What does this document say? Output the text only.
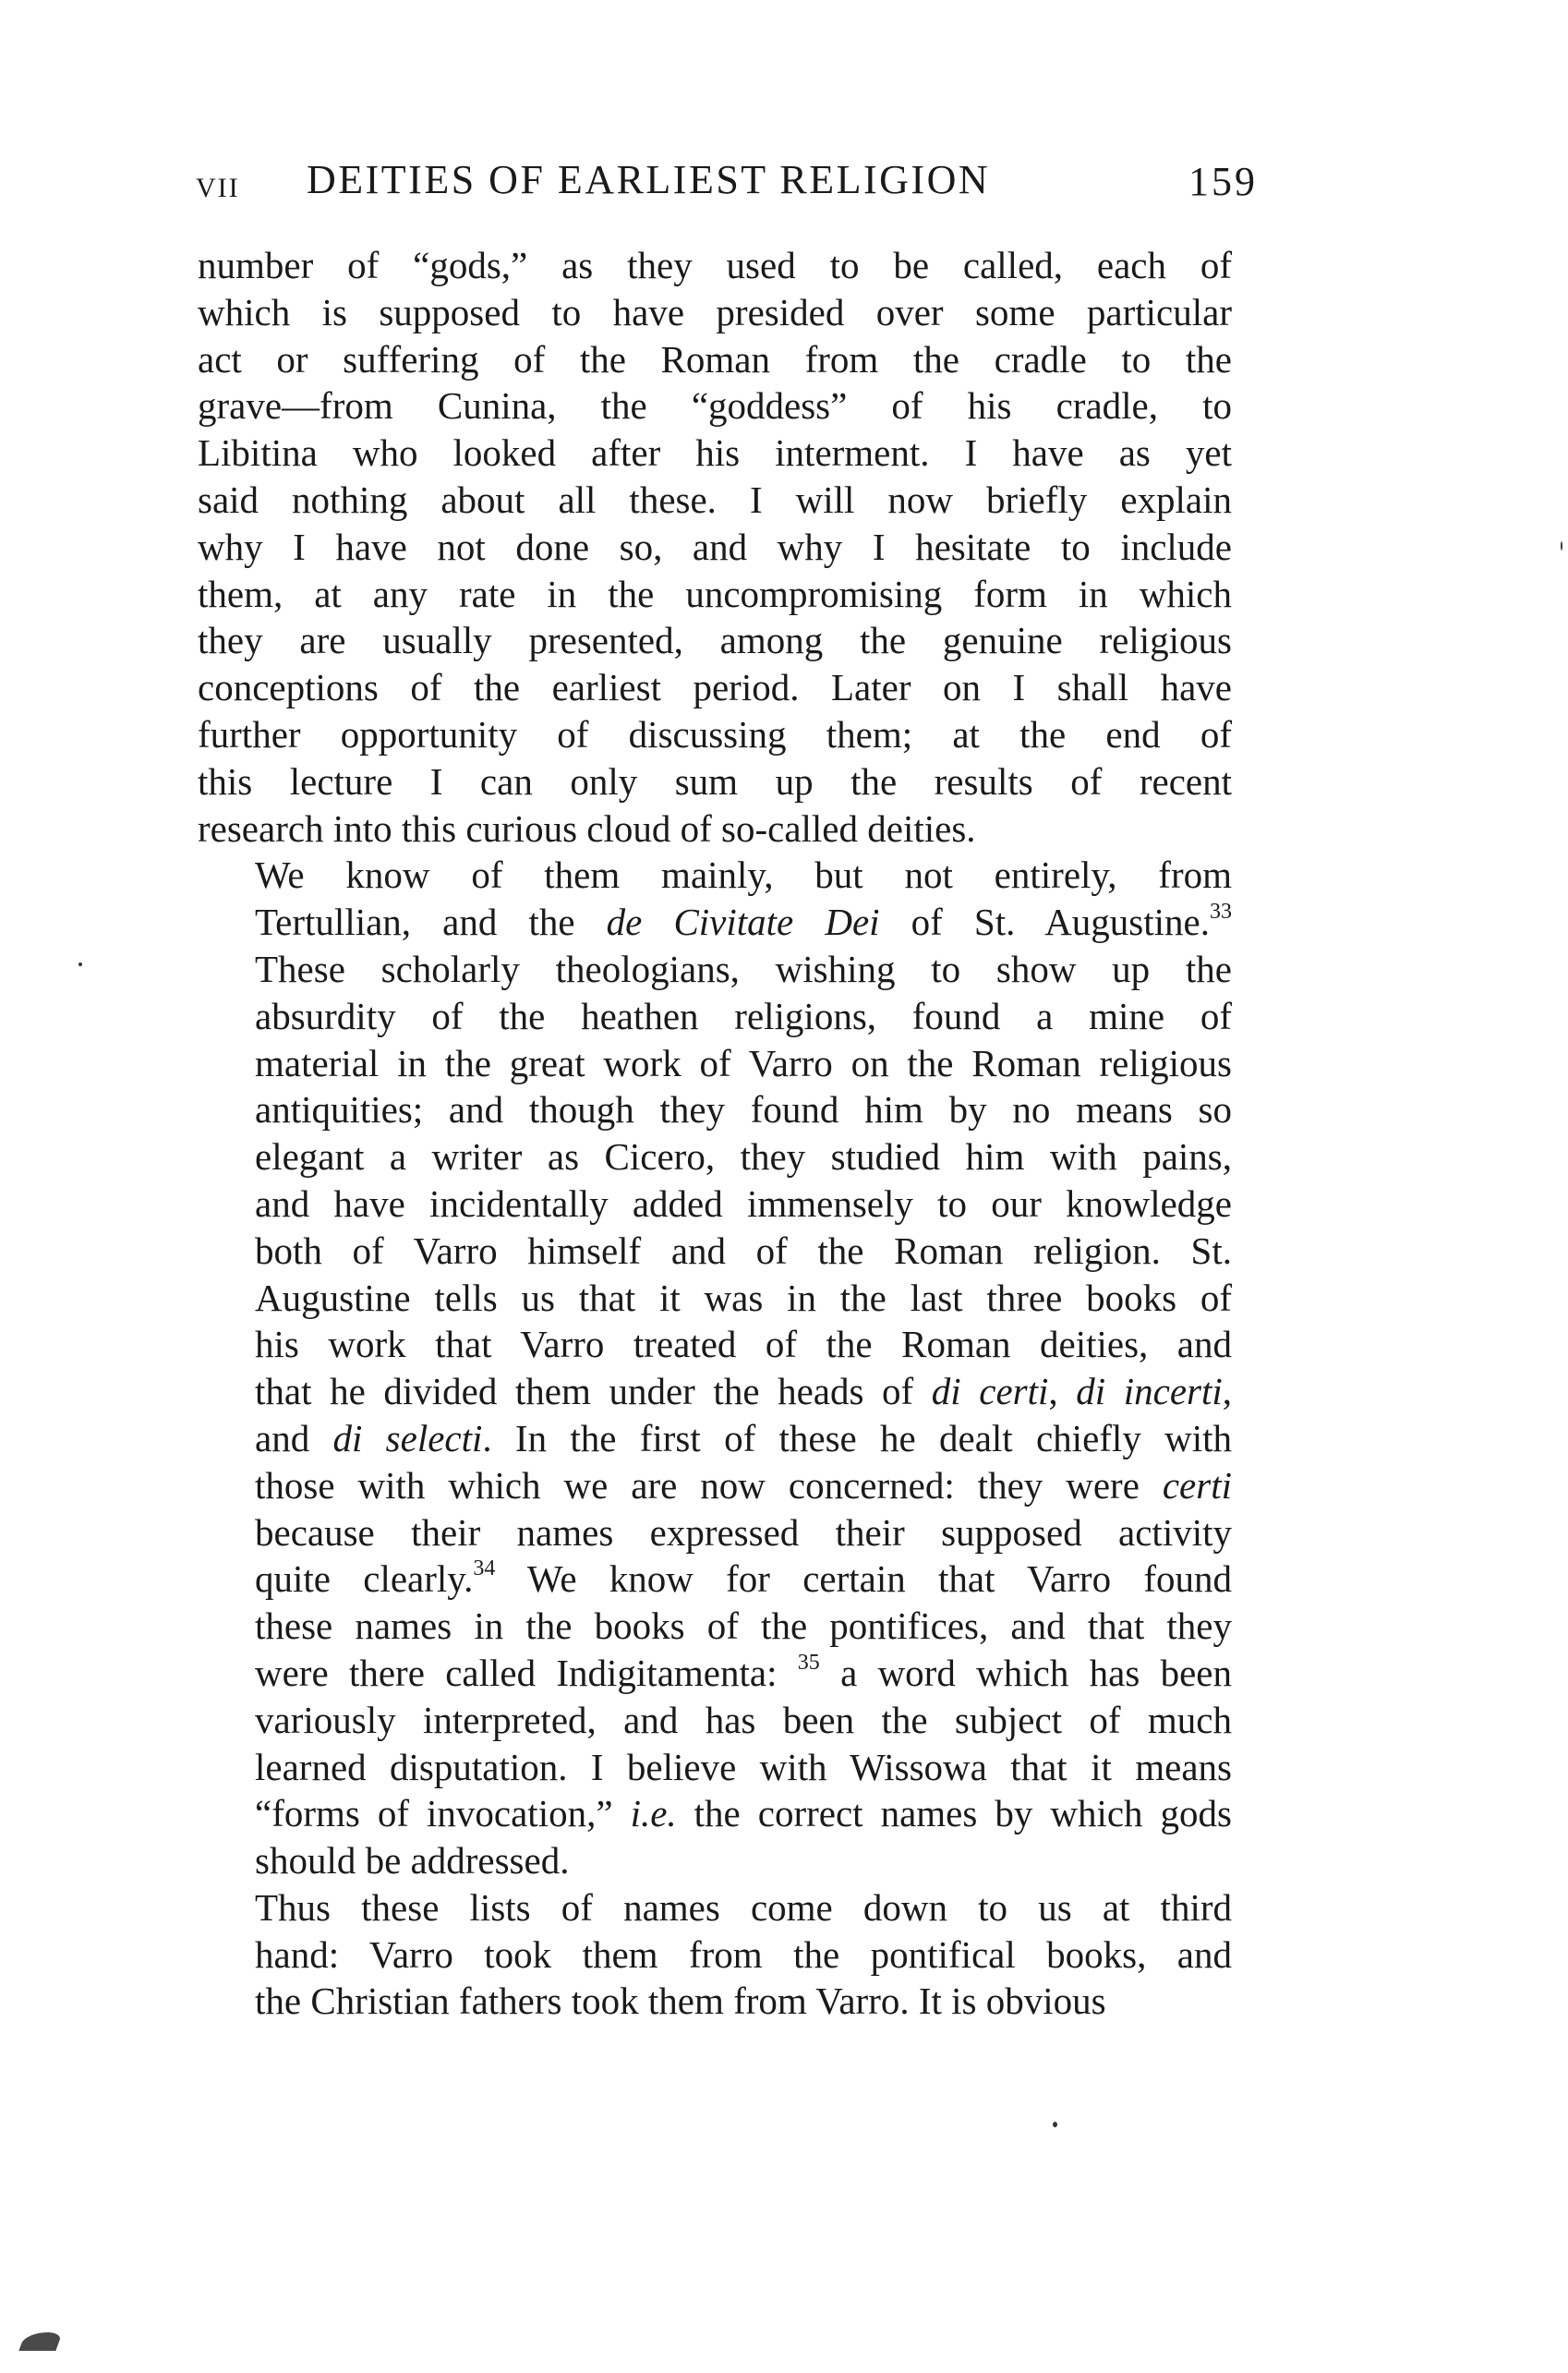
VII DEITIES OF EARLIEST RELIGION	159

number of “gods,” as they used to be called, each of
which is supposed to have presided over some particular
act or suffering of the Roman from the cradle to the
grave—from Cunina, the “goddess” of his cradle, to
Libitina who looked after his interment. I have as yet
said nothing about all these. I will now briefly explain
why I have not done so, and why I hesitate to include
them, at any rate in the uncompromising form in which
they are usually presented, among the genuine religious
conceptions of the earliest period. Later on I shall have
further opportunity of discussing them; at the end of
this lecture I can only sum up the results of recent
research into this curious cloud of so-called deities.

We know of them mainly, but not entirely, from
Tertullian, and the de Civitate Dei of St. Augustine.$^{33}$
These scholarly theologians, wishing to show up the
absurdity of the heathen religions, found a mine of
material in the great work of Varro on the Roman religious
antiquities; and though they found him by no means so
elegant a writer as Cicero, they studied him with pains,
and have incidentally added immensely to our knowledge
both of Varro himself and of the Roman religion. St.
Augustine tells us that it was in the last three books of
his work that Varro treated of the Roman deities, and
that he divided them under the heads of di certi, di incerti,
and di selecti. In the first of these he dealt chiefly with
those with which we are now concerned: they were certi
because their names expressed their supposed activity
quite clearly.$^{34}$ We know for certain that Varro found
these names in the books of the pontifices, and that they
were there called Indigitamenta: $^{35}$ a word which has been
variously interpreted, and has been the subject of much
learned disputation. I believe with Wissowa that it means
“forms of invocation,” i.e. the correct names by which gods
should be addressed.

Thus these lists of names come down to us at third
hand: Varro took them from the pontifical books, and
the Christian fathers took them from Varro. It is obvious
